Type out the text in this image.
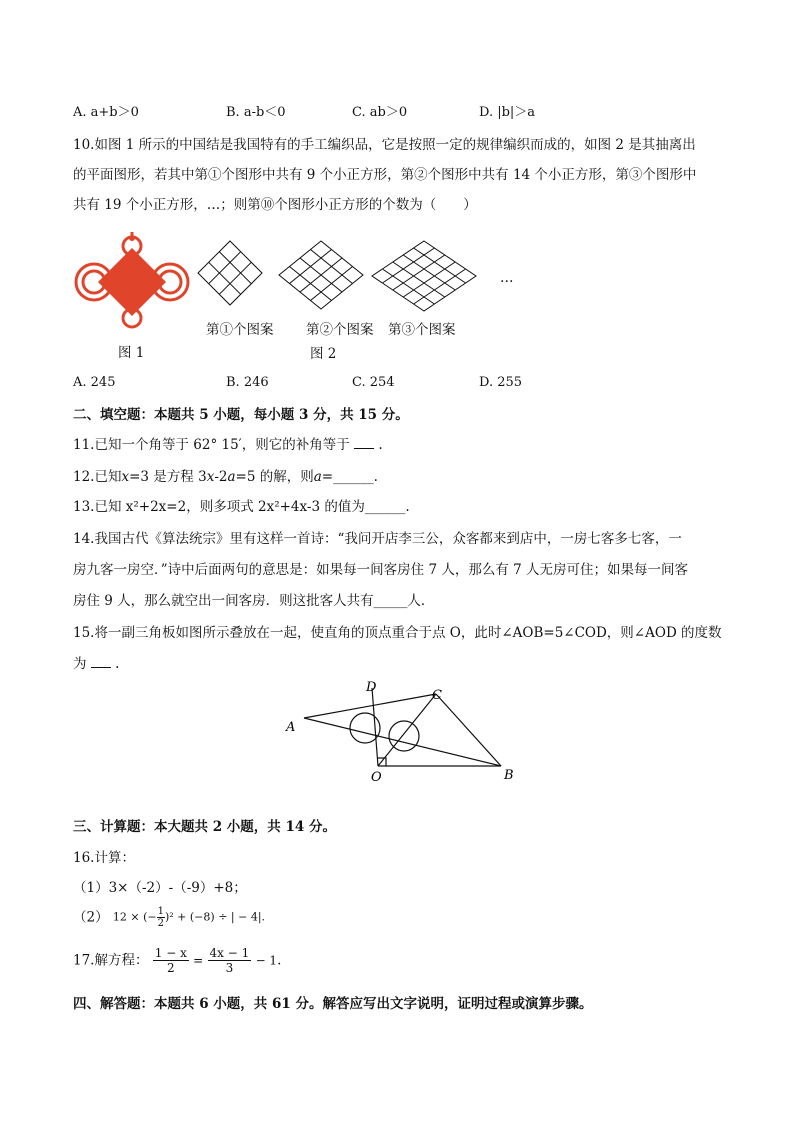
A. a+b＞0	B. a-b＜0	C. ab＞0	D. |b|＞a
10.如图 1 所示的中国结是我国特有的手工编织品，它是按照一定的规律编织而成的，如图 2 是其抽离出
的平面图形，若其中第①个图形中共有 9 个小正方形，第②个图形中共有 14 个小正方形，第③个图形中
共有 19 个小正方形，…；则第⑩个图形小正方形的个数为（　　）
图 1
…
第①个图案 第②个图案 第③个图案
图 2
A. 245	B. 246	C. 254	D. 255
二、填空题：本题共 5 小题，每小题 3 分，共 15 分。
11.已知一个角等于 62° 15′，则它的补角等于 .
12.已知x=3 是方程 3x-2a=5 的解，则a=______.
13.已知 x²+2x=2，则多项式 2x²+4x-3 的值为______.
14.我国古代《算法统宗》里有这样一首诗：“我问开店李三公，众客都来到店中，一房七客多七客，一
房九客一房空．”诗中后面两句的意思是：如果每一间客房住 7 人，那么有 7 人无房可住；如果每一间客
房住 9 人，那么就空出一间客房．则这批客人共有_____人．
15.将一副三角板如图所示叠放在一起，使直角的顶点重合于点 O，此时∠AOB=5∠COD，则∠AOD 的度数
为 .
A
B
C
D
O
三、计算题：本大题共 2 小题，共 14 分。
16.计算：
（1）3×（-2）-（-9）+8；
（2） 12 × (− $\frac{1}{2} )^2 + (-8)$ ÷ | − 4|.
17.解方程： $\frac{1 - x}{2} = \frac{4x - 1}{3} - 1$.
四、解答题：本题共 6 小题，共 61 分。解答应写出文字说明，证明过程或演算步骤。
